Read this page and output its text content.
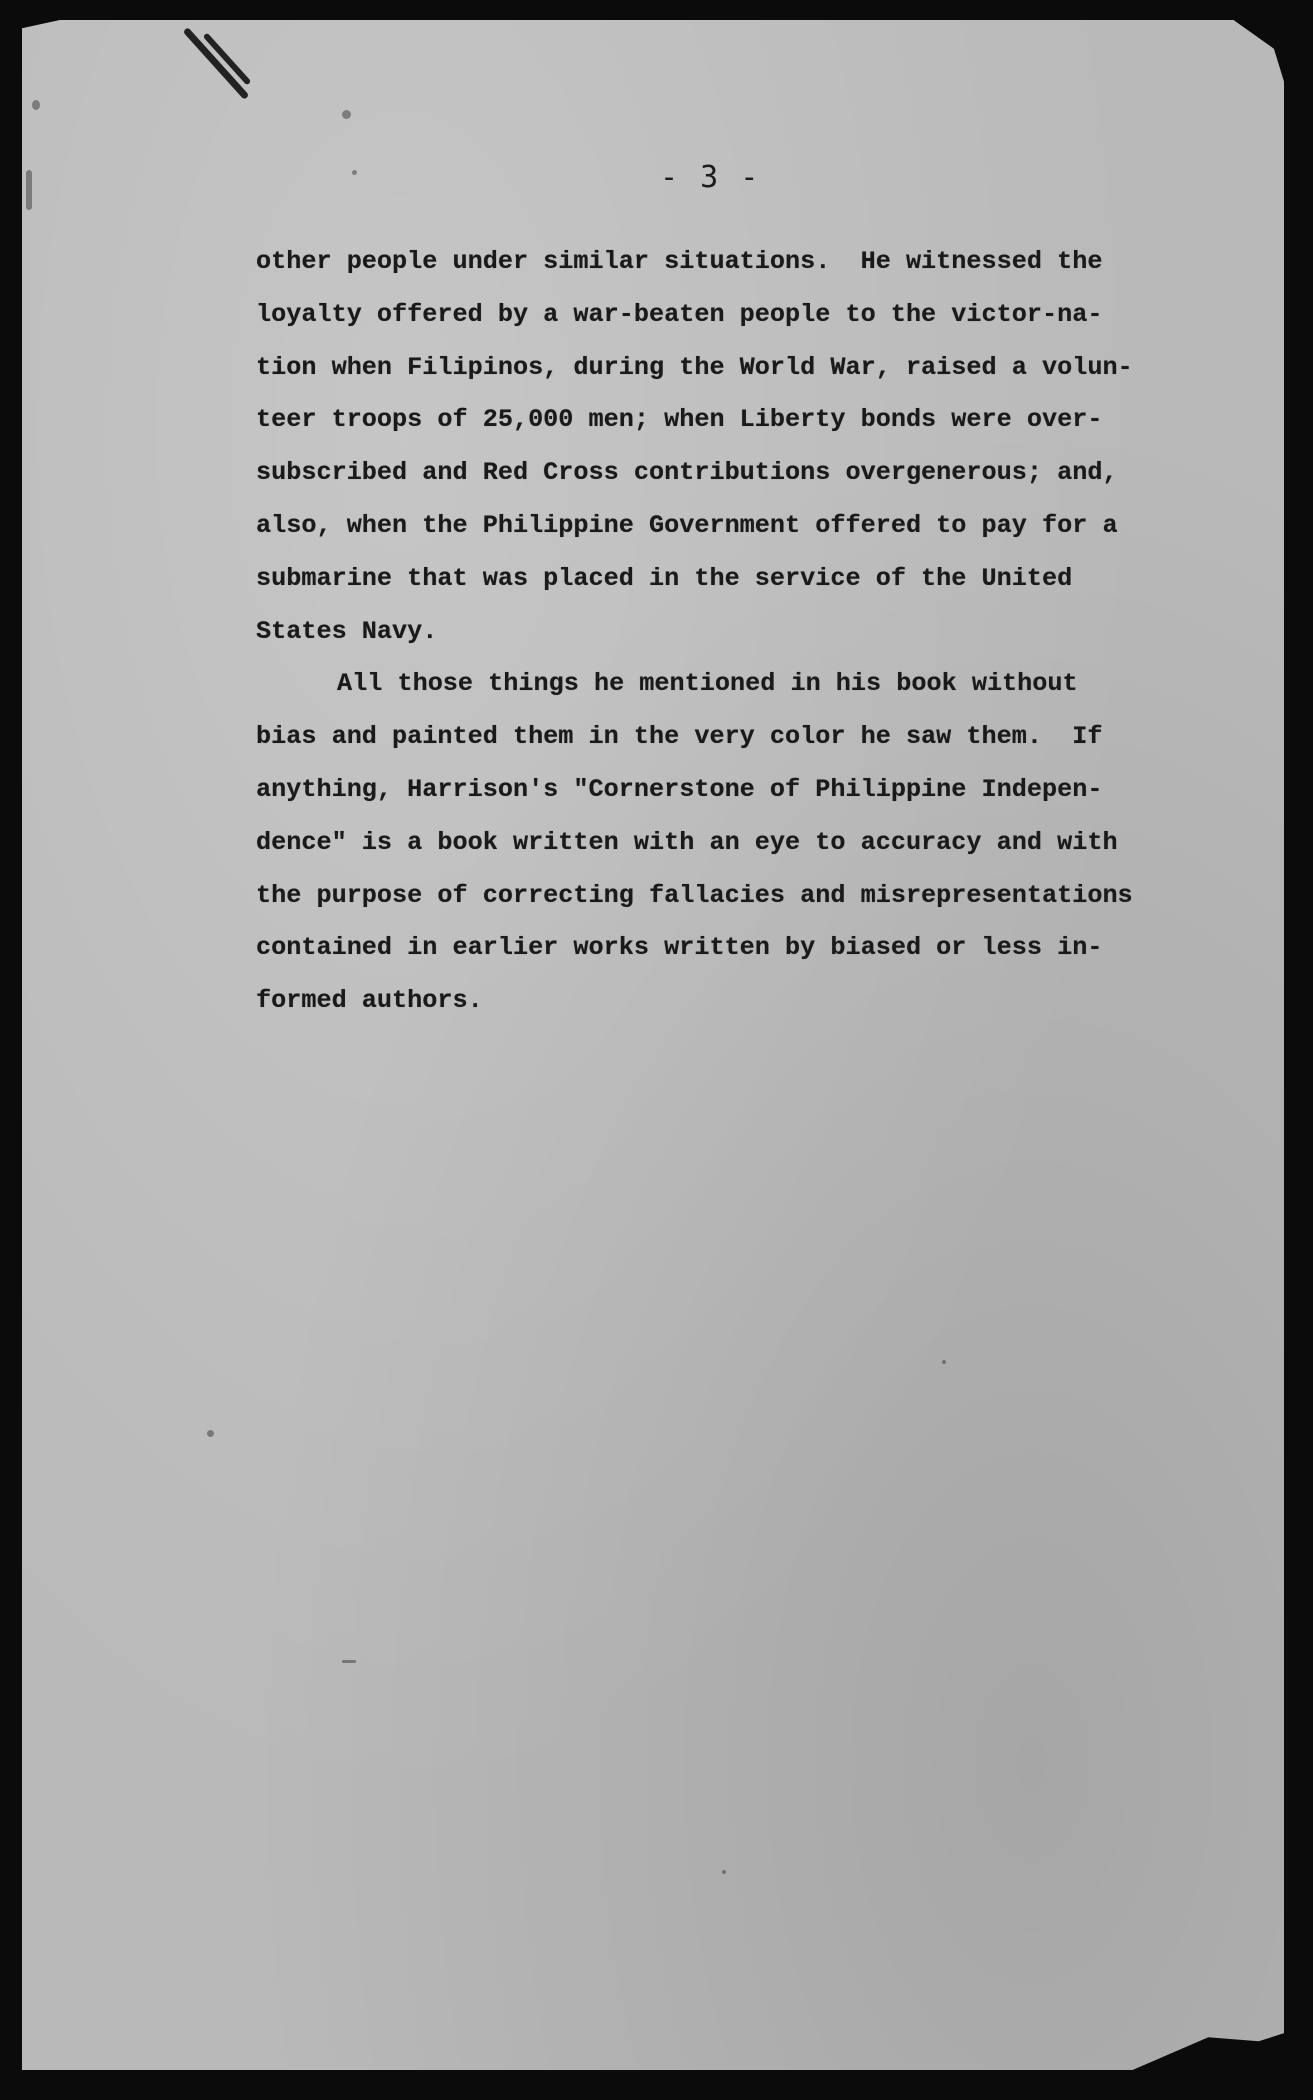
- 3 -
other people under similar situations.  He witnessed the
loyalty offered by a war-beaten people to the victor-na-
tion when Filipinos, during the World War, raised a volun-
teer troops of 25,000 men; when Liberty bonds were over-
subscribed and Red Cross contributions overgenerous; and,
also, when the Philippine Government offered to pay for a
submarine that was placed in the service of the United
States Navy.
All those things he mentioned in his book without
bias and painted them in the very color he saw them.  If
anything, Harrison's "Cornerstone of Philippine Indepen-
dence" is a book written with an eye to accuracy and with
the purpose of correcting fallacies and misrepresentations
contained in earlier works written by biased or less in-
formed authors.
